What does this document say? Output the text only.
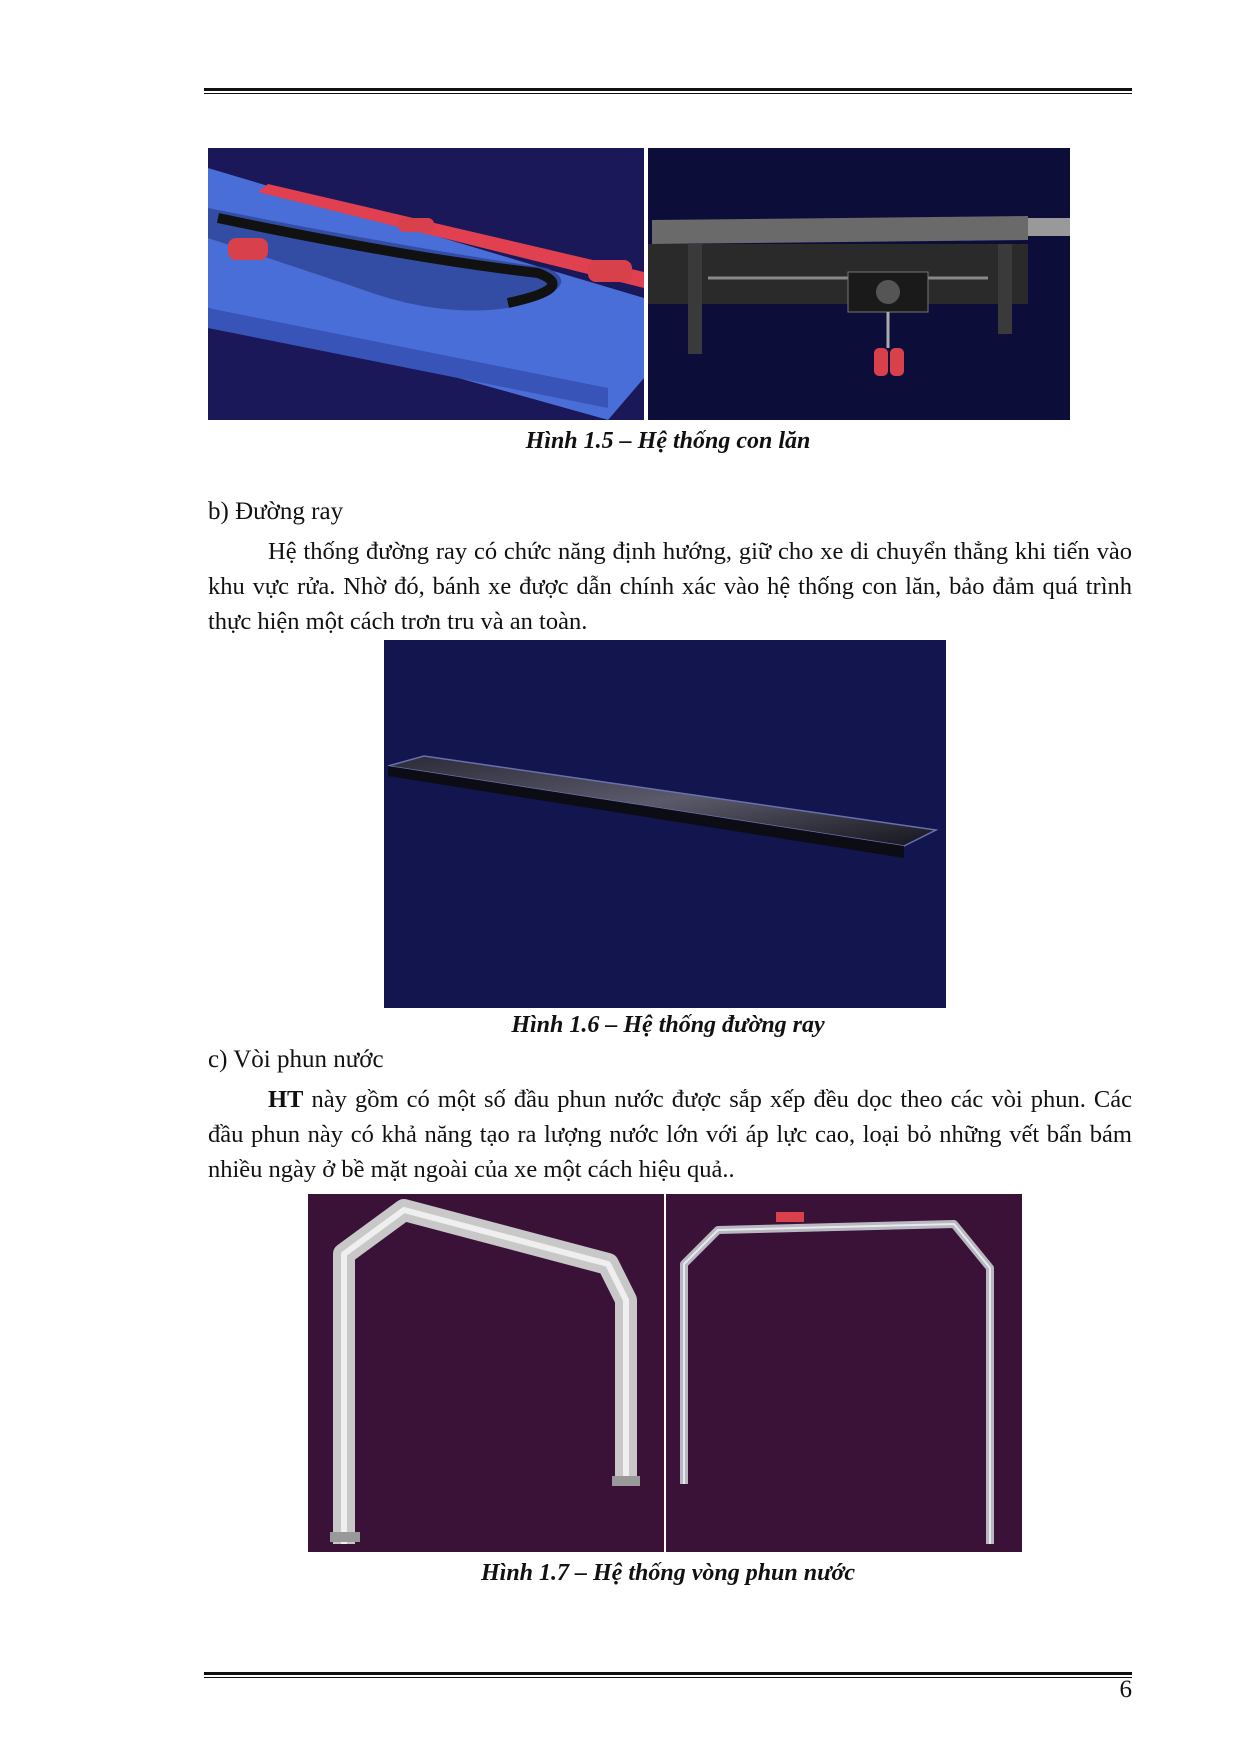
Hình 1.5 – Hệ thống con lăn
b) Đường ray

Hệ thống đường ray có chức năng định hướng, giữ cho xe di chuyển thẳng khi tiến vào khu vực rửa. Nhờ đó, bánh xe được dẫn chính xác vào hệ thống con lăn, bảo đảm quá trình thực hiện một cách trơn tru và an toàn.

Hình 1.6 – Hệ thống đường ray
c) Vòi phun nước

HT này gồm có một số đầu phun nước được sắp xếp đều dọc theo các vòi phun. Các đầu phun này có khả năng tạo ra lượng nước lớn với áp lực cao, loại bỏ những vết bẩn bám nhiều ngày ở bề mặt ngoài của xe một cách hiệu quả..

Hình 1.7 – Hệ thống vòng phun nước
6
